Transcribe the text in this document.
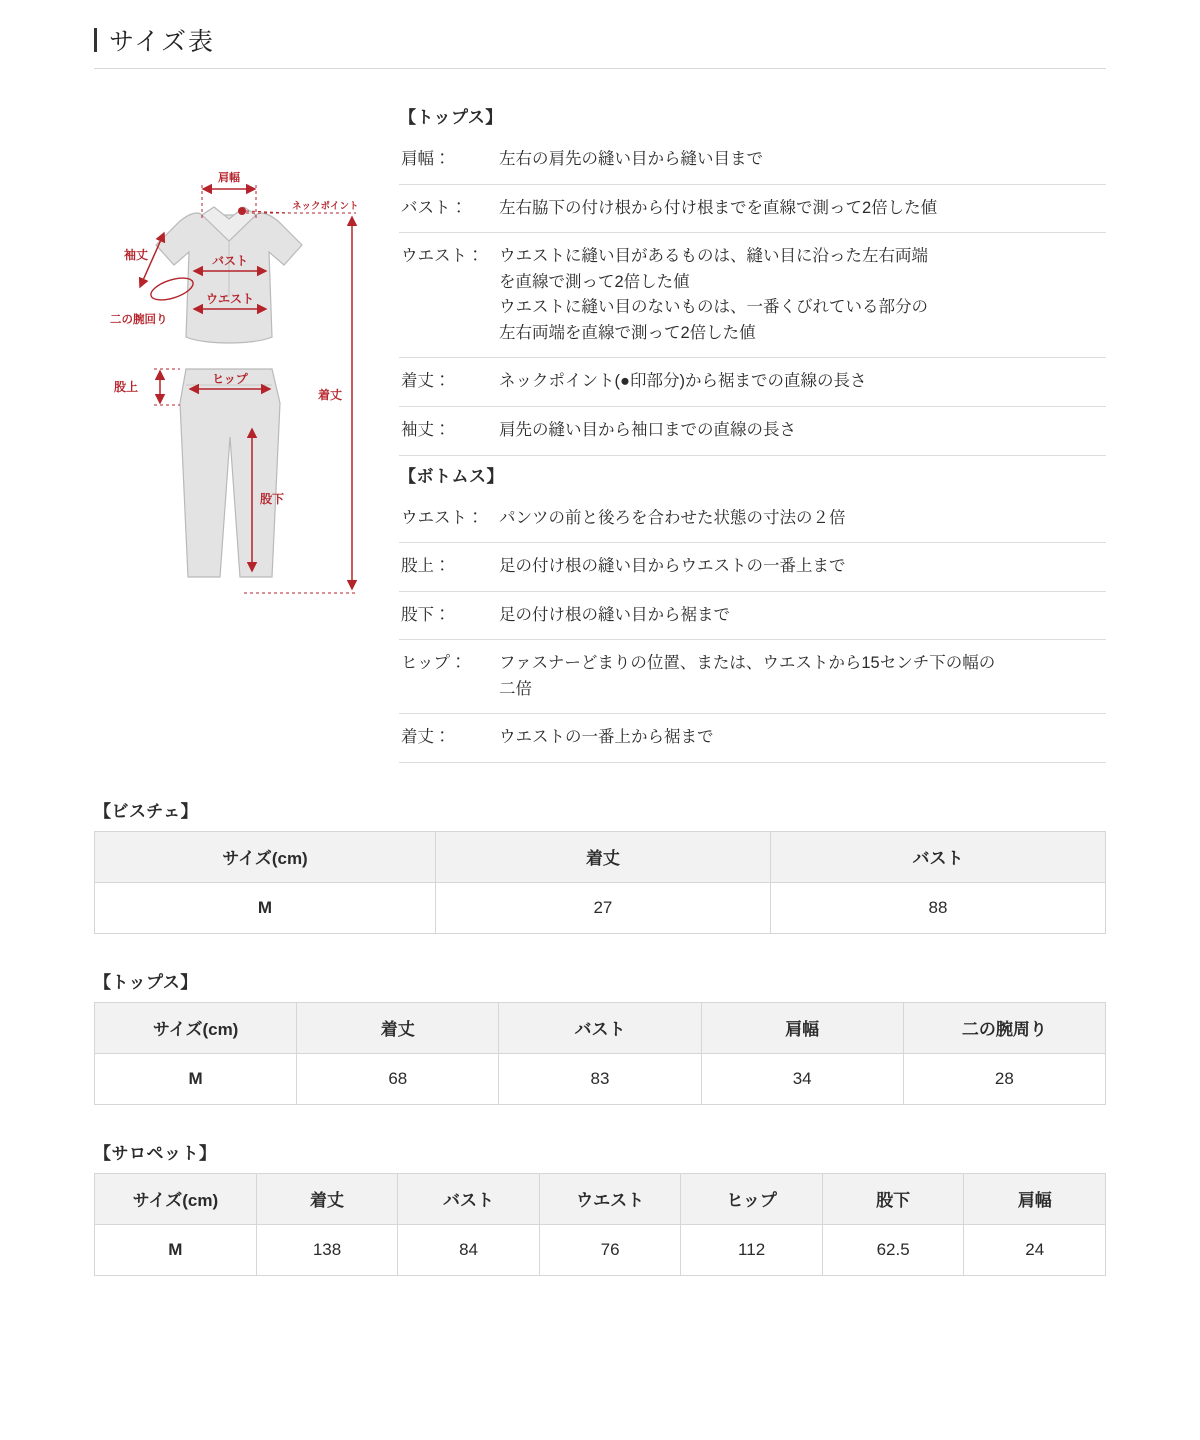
サイズ表
肩幅
ネックポイント
着丈
袖丈	バスト
ウエスト
二の腕回り
股上
ヒップ
股下
【トップス】
肩幅：	左右の肩先の縫い目から縫い目まで
バスト：	左右脇下の付け根から付け根までを直線で測って2倍した値
ウエスト： ウエストに縫い目があるものは、縫い目に沿った左右両端
を直線で測って2倍した値
ウエストに縫い目のないものは、一番くびれている部分の
左右両端を直線で測って2倍した値
着丈：	ネックポイント(●印部分)から裾までの直線の長さ
袖丈：	肩先の縫い目から袖口までの直線の長さ
【ボトムス】
ウエスト： パンツの前と後ろを合わせた状態の寸法の２倍
股上：	足の付け根の縫い目からウエストの一番上まで
股下：	足の付け根の縫い目から裾まで
ヒップ：	ファスナーどまりの位置、または、ウエストから15センチ下の幅の
二倍
着丈：	ウエストの一番上から裾まで
【ビスチェ】
サイズ(cm)	着丈	バスト
M	27	88
【トップス】
サイズ(cm)	着丈	バスト	肩幅	二の腕周り
M	68	83	34	28
【サロペット】
サイズ(cm)	着丈	バスト	ウエスト	ヒップ	股下	肩幅
M	138	84	76	112	62.5	24
